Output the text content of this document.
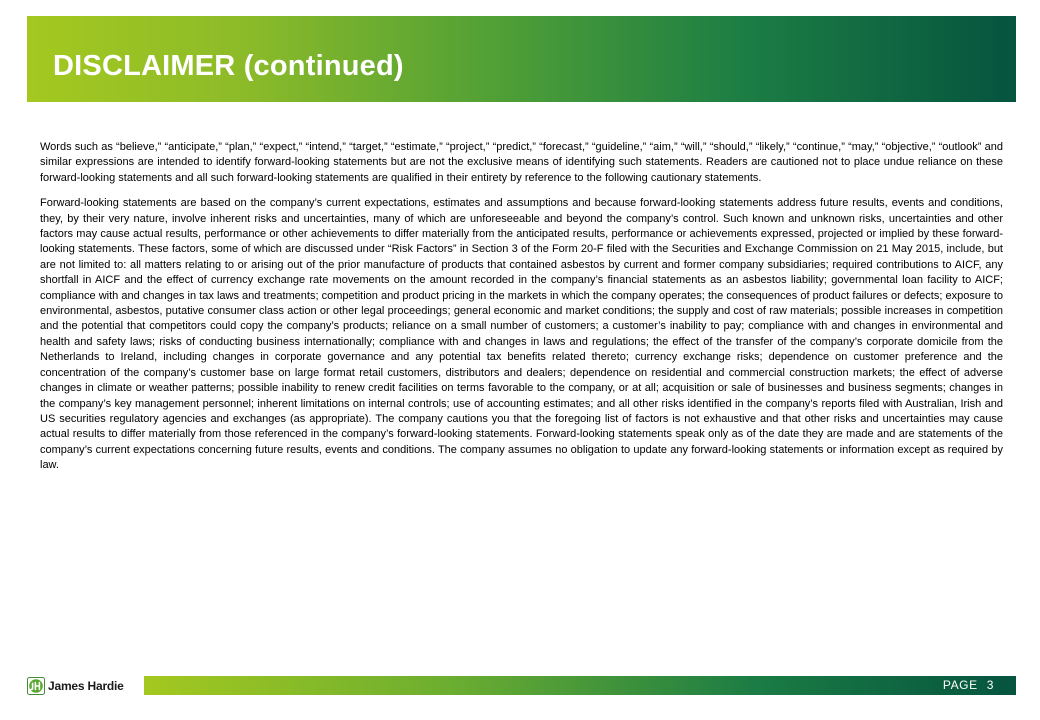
DISCLAIMER (continued)

Words such as “believe,” “anticipate,” “plan,” “expect,” “intend,” “target,” “estimate,” “project,” “predict,” “forecast,” “guideline,” “aim,” “will,” “should,” “likely,” “continue,” “may,” “objective,” “outlook” and similar expressions are intended to identify forward-looking statements but are not the exclusive means of identifying such statements. Readers are cautioned not to place undue reliance on these forward-looking statements and all such forward-looking statements are qualified in their entirety by reference to the following cautionary statements.

Forward-looking statements are based on the company’s current expectations, estimates and assumptions and because forward-looking statements address future results, events and conditions, they, by their very nature, involve inherent risks and uncertainties, many of which are unforeseeable and beyond the company’s control. Such known and unknown risks, uncertainties and other factors may cause actual results, performance or other achievements to differ materially from the anticipated results, performance or achievements expressed, projected or implied by these forward-looking statements. These factors, some of which are discussed under “Risk Factors” in Section 3 of the Form 20-F filed with the Securities and Exchange Commission on 21 May 2015, include, but are not limited to: all matters relating to or arising out of the prior manufacture of products that contained asbestos by current and former company subsidiaries; required contributions to AICF, any shortfall in AICF and the effect of currency exchange rate movements on the amount recorded in the company’s financial statements as an asbestos liability; governmental loan facility to AICF; compliance with and changes in tax laws and treatments; competition and product pricing in the markets in which the company operates; the consequences of product failures or defects; exposure to environmental, asbestos, putative consumer class action or other legal proceedings; general economic and market conditions; the supply and cost of raw materials; possible increases in competition and the potential that competitors could copy the company’s products; reliance on a small number of customers; a customer’s inability to pay; compliance with and changes in environmental and health and safety laws; risks of conducting business internationally; compliance with and changes in laws and regulations; the effect of the transfer of the company’s corporate domicile from the Netherlands to Ireland, including changes in corporate governance and any potential tax benefits related thereto; currency exchange risks; dependence on customer preference and the concentration of the company’s customer base on large format retail customers, distributors and dealers; dependence on residential and commercial construction markets; the effect of adverse changes in climate or weather patterns; possible inability to renew credit facilities on terms favorable to the company, or at all; acquisition or sale of businesses and business segments; changes in the company’s key management personnel; inherent limitations on internal controls; use of accounting estimates; and all other risks identified in the company’s reports filed with Australian, Irish and US securities regulatory agencies and exchanges (as appropriate). The company cautions you that the foregoing list of factors is not exhaustive and that other risks and uncertainties may cause actual results to differ materially from those referenced in the company’s forward-looking statements. Forward-looking statements speak only as of the date they are made and are statements of the company’s current expectations concerning future results, events and conditions. The company assumes no obligation to update any forward-looking statements or information except as required by law.

James Hardie	PAGE 3
